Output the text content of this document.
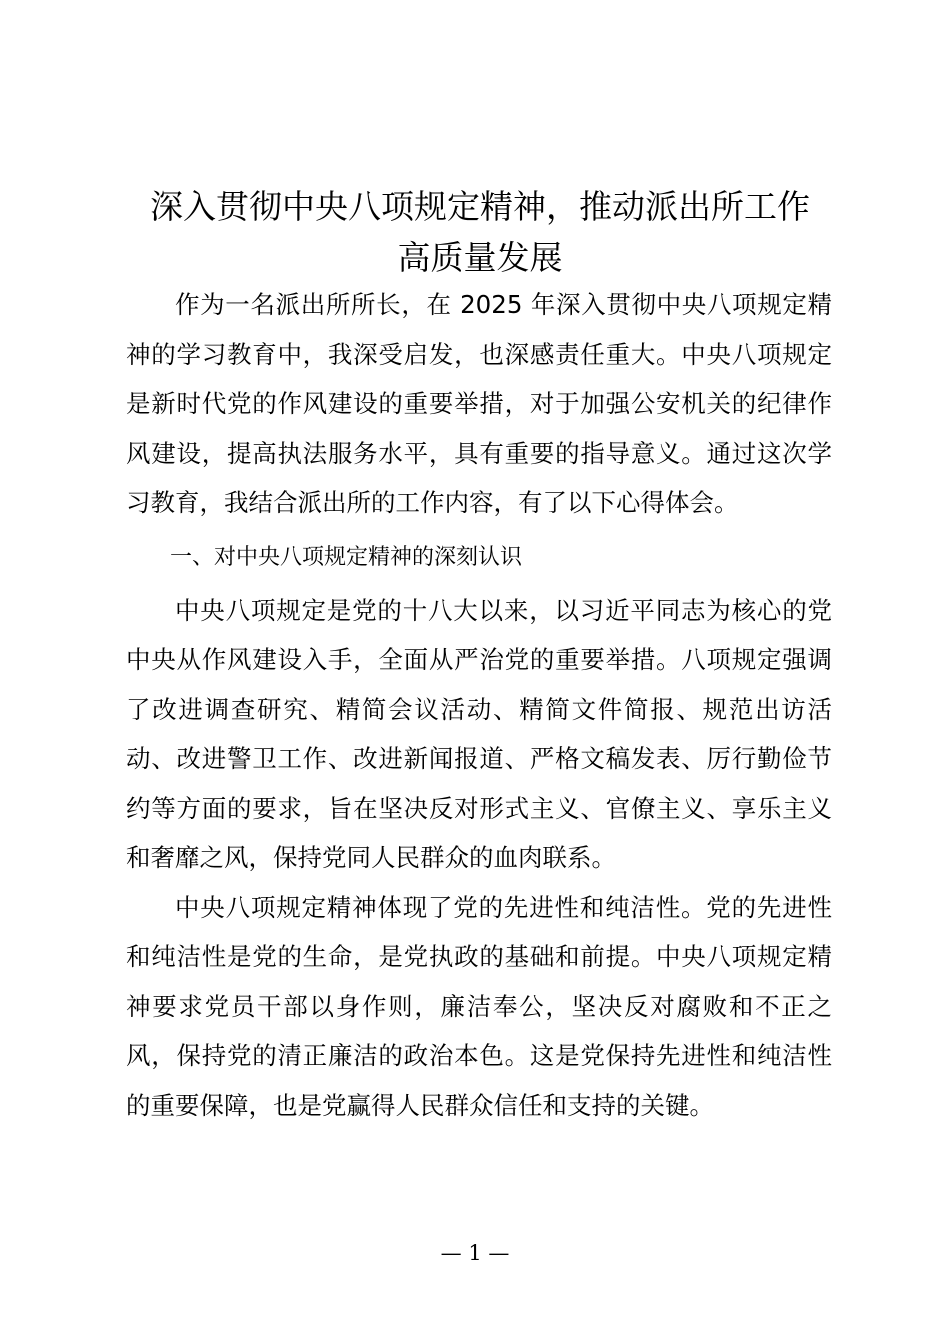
深入贯彻中央八项规定精神，推动派出所工作
高质量发展

作为一名派出所所长，在 2025 年深入贯彻中央八项规定精神的学习教育中，我深受启发，也深感责任重大。中央八项规定是新时代党的作风建设的重要举措，对于加强公安机关的纪律作风建设，提高执法服务水平，具有重要的指导意义。通过这次学习教育，我结合派出所的工作内容，有了以下心得体会。

一、对中央八项规定精神的深刻认识

中央八项规定是党的十八大以来，以习近平同志为核心的党中央从作风建设入手，全面从严治党的重要举措。八项规定强调了改进调查研究、精简会议活动、精简文件简报、规范出访活动、改进警卫工作、改进新闻报道、严格文稿发表、厉行勤俭节约等方面的要求，旨在坚决反对形式主义、官僚主义、享乐主义和奢靡之风，保持党同人民群众的血肉联系。

中央八项规定精神体现了党的先进性和纯洁性。党的先进性和纯洁性是党的生命，是党执政的基础和前提。中央八项规定精神要求党员干部以身作则，廉洁奉公，坚决反对腐败和不正之风，保持党的清正廉洁的政治本色。这是党保持先进性和纯洁性的重要保障，也是党赢得人民群众信任和支持的关键。

— 1 —
